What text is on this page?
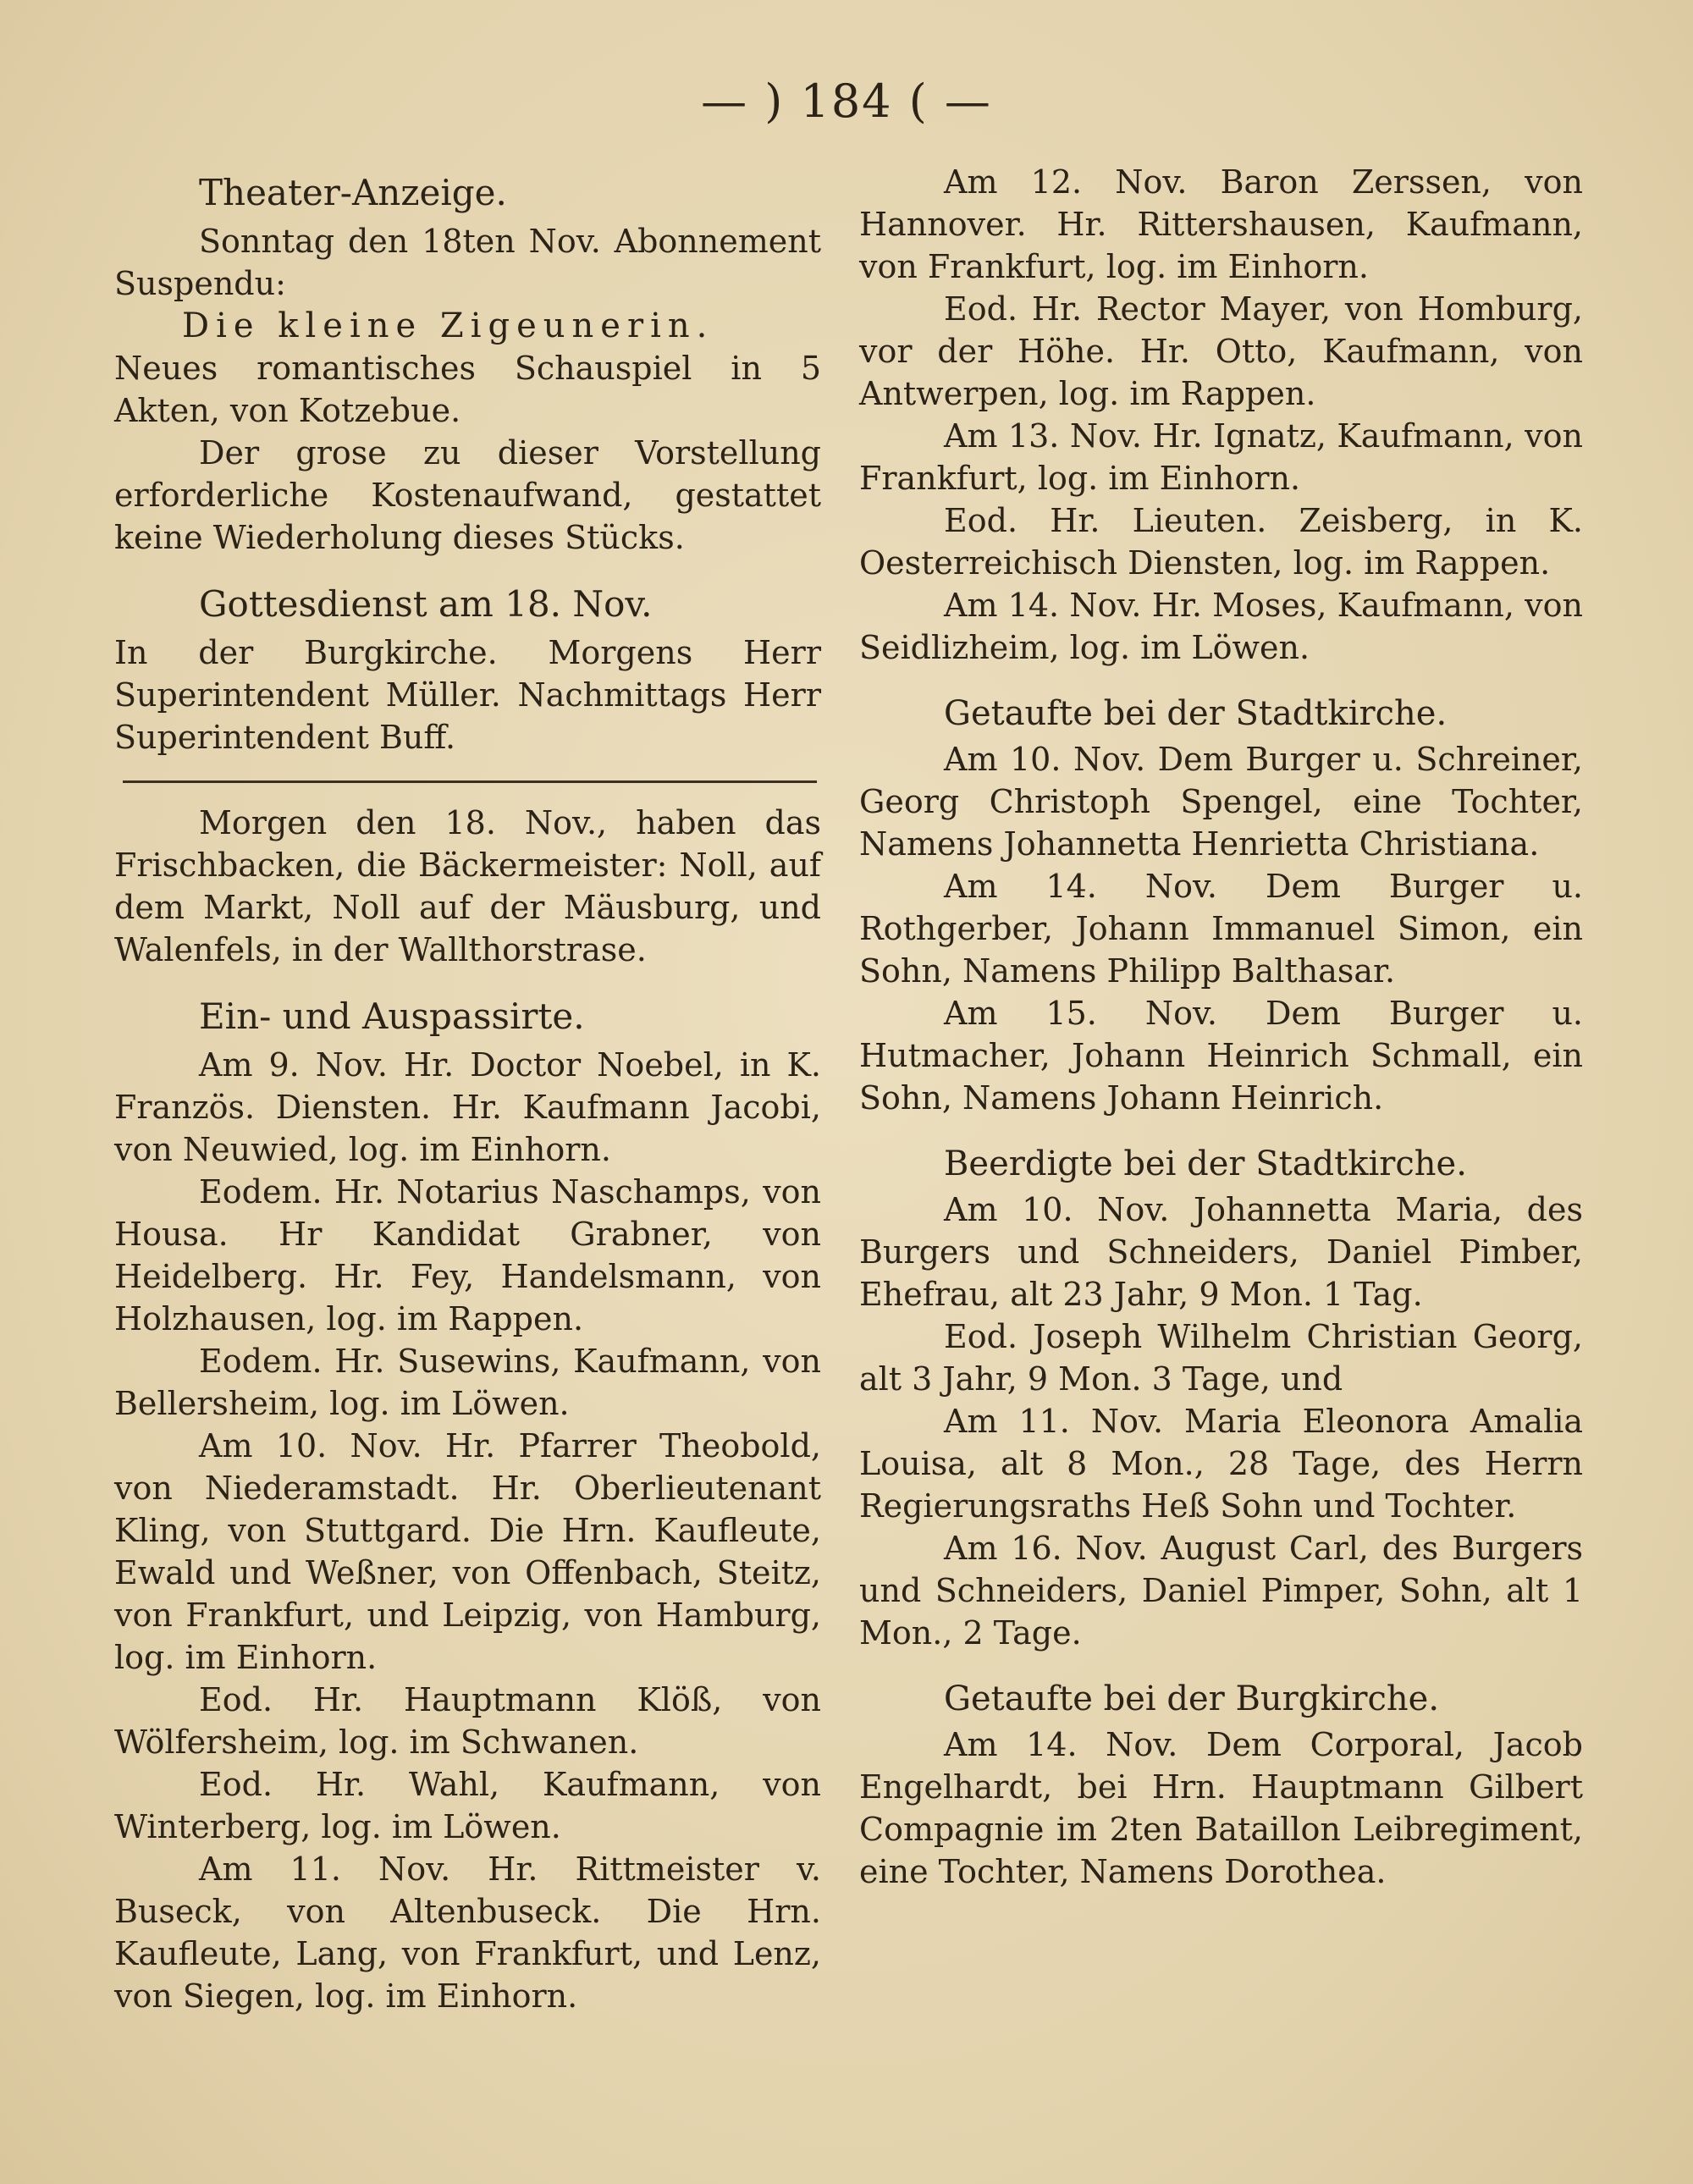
— ) 184 ( —
Theater-Anzeige.

Sonntag den 18ten Nov. Abonnement Suspendu:

Die kleine Zigeunerin.

Neues romantisches Schauspiel in 5 Akten, von Kotzebue.

Der grose zu dieser Vorstellung erforderliche Kostenaufwand, gestattet keine Wiederholung dieses Stücks.

Gottesdienst am 18. Nov.

In der Burgkirche. Morgens Herr Superintendent Müller. Nachmittags Herr Superintendent Buff.

Morgen den 18. Nov., haben das Frischbacken, die Bäckermeister: Noll, auf dem Markt, Noll auf der Mäusburg, und Walenfels, in der Wallthorstrase.

Ein- und Auspassirte.

Am 9. Nov. Hr. Doctor Noebel, in K. Französ. Diensten. Hr. Kaufmann Jacobi, von Neuwied, log. im Einhorn.

Eodem. Hr. Notarius Naschamps, von Housa. Hr Kandidat Grabner, von Heidelberg. Hr. Fey, Handelsmann, von Holzhausen, log. im Rappen.

Eodem. Hr. Susewins, Kaufmann, von Bellersheim, log. im Löwen.

Am 10. Nov. Hr. Pfarrer Theobold, von Niederamstadt. Hr. Oberlieutenant Kling, von Stuttgard. Die Hrn. Kaufleute, Ewald und Weßner, von Offenbach, Steitz, von Frankfurt, und Leipzig, von Hamburg, log. im Einhorn.

Eod. Hr. Hauptmann Klöß, von Wölfersheim, log. im Schwanen.

Eod. Hr. Wahl, Kaufmann, von Winterberg, log. im Löwen.

Am 11. Nov. Hr. Rittmeister v. Buseck, von Altenbuseck. Die Hrn. Kaufleute, Lang, von Frankfurt, und Lenz, von Siegen, log. im Einhorn.

Am 12. Nov. Baron Zerssen, von Hannover. Hr. Rittershausen, Kaufmann, von Frankfurt, log. im Einhorn.

Eod. Hr. Rector Mayer, von Homburg, vor der Höhe. Hr. Otto, Kaufmann, von Antwerpen, log. im Rappen.

Am 13. Nov. Hr. Ignatz, Kaufmann, von Frankfurt, log. im Einhorn.

Eod. Hr. Lieuten. Zeisberg, in K. Oesterreichisch Diensten, log. im Rappen.

Am 14. Nov. Hr. Moses, Kaufmann, von Seidlizheim, log. im Löwen.

Getaufte bei der Stadtkirche.

Am 10. Nov. Dem Burger u. Schreiner, Georg Christoph Spengel, eine Tochter, Namens Johannetta Henrietta Christiana.

Am 14. Nov. Dem Burger u. Rothgerber, Johann Immanuel Simon, ein Sohn, Namens Philipp Balthasar.

Am 15. Nov. Dem Burger u. Hutmacher, Johann Heinrich Schmall, ein Sohn, Namens Johann Heinrich.

Beerdigte bei der Stadtkirche.

Am 10. Nov. Johannetta Maria, des Burgers und Schneiders, Daniel Pimber, Ehefrau, alt 23 Jahr, 9 Mon. 1 Tag.

Eod. Joseph Wilhelm Christian Georg, alt 3 Jahr, 9 Mon. 3 Tage, und

Am 11. Nov. Maria Eleonora Amalia Louisa, alt 8 Mon., 28 Tage, des Herrn Regierungsraths Heß Sohn und Tochter.

Am 16. Nov. August Carl, des Burgers und Schneiders, Daniel Pimper, Sohn, alt 1 Mon., 2 Tage.

Getaufte bei der Burgkirche.

Am 14. Nov. Dem Corporal, Jacob Engelhardt, bei Hrn. Hauptmann Gilbert Compagnie im 2ten Bataillon Leibregiment, eine Tochter, Namens Dorothea.
